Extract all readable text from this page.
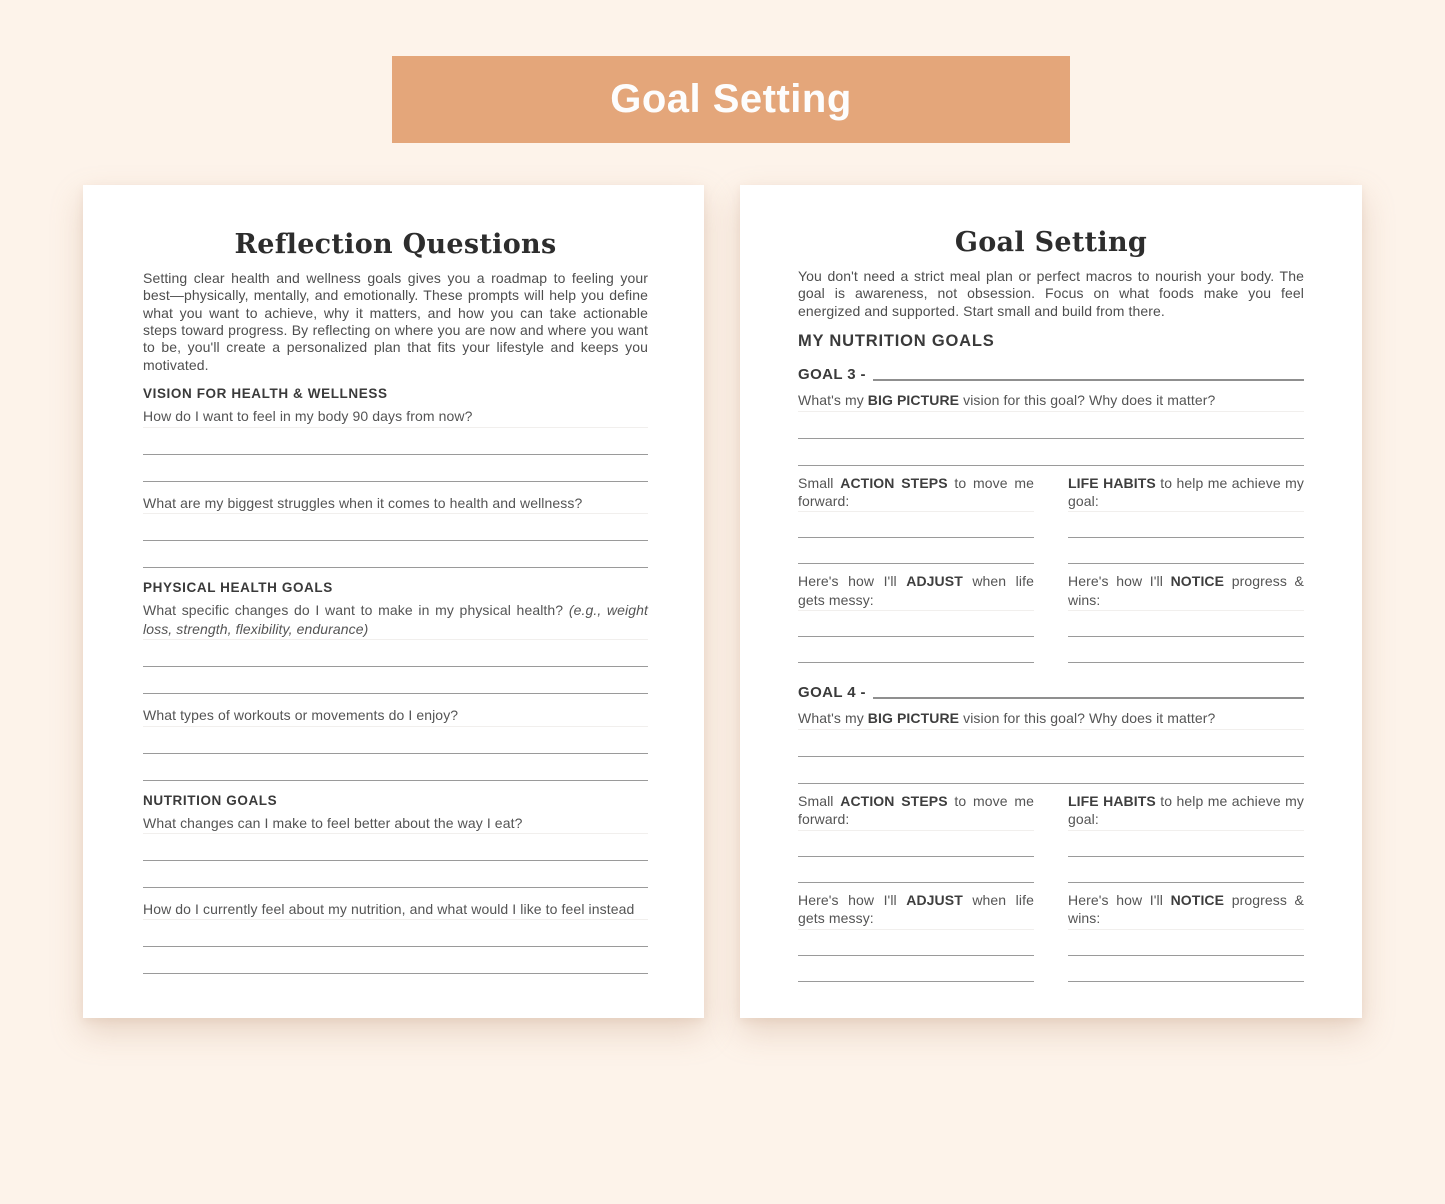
Goal Setting
Reflection Questions

Setting clear health and wellness goals gives you a roadmap to feeling your best—physically, mentally, and emotionally. These prompts will help you define what you want to achieve, why it matters, and how you can take actionable steps toward progress. By reflecting on where you are now and where you want to be, you'll create a personalized plan that fits your lifestyle and keeps you motivated.

VISION FOR HEALTH & WELLNESS

How do I want to feel in my body 90 days from now?

What are my biggest struggles when it comes to health and wellness?

PHYSICAL HEALTH GOALS

What specific changes do I want to make in my physical health? (e.g., weight loss, strength, flexibility, endurance)

What types of workouts or movements do I enjoy?

NUTRITION GOALS

What changes can I make to feel better about the way I eat?

How do I currently feel about my nutrition, and what would I like to feel instead

Goal Setting

You don't need a strict meal plan or perfect macros to nourish your body. The goal is awareness, not obsession. Focus on what foods make you feel energized and supported. Start small and build from there.

MY NUTRITION GOALS
GOAL 3 -

What's my BIG PICTURE vision for this goal? Why does it matter?

Small ACTION STEPS to move me forward:

LIFE HABITS to help me achieve my goal:

Here's how I'll ADJUST when life gets messy:

Here's how I'll NOTICE progress & wins:

GOAL 4 -

What's my BIG PICTURE vision for this goal? Why does it matter?

Small ACTION STEPS to move me forward:

LIFE HABITS to help me achieve my goal:

Here's how I'll ADJUST when life gets messy:

Here's how I'll NOTICE progress & wins:
